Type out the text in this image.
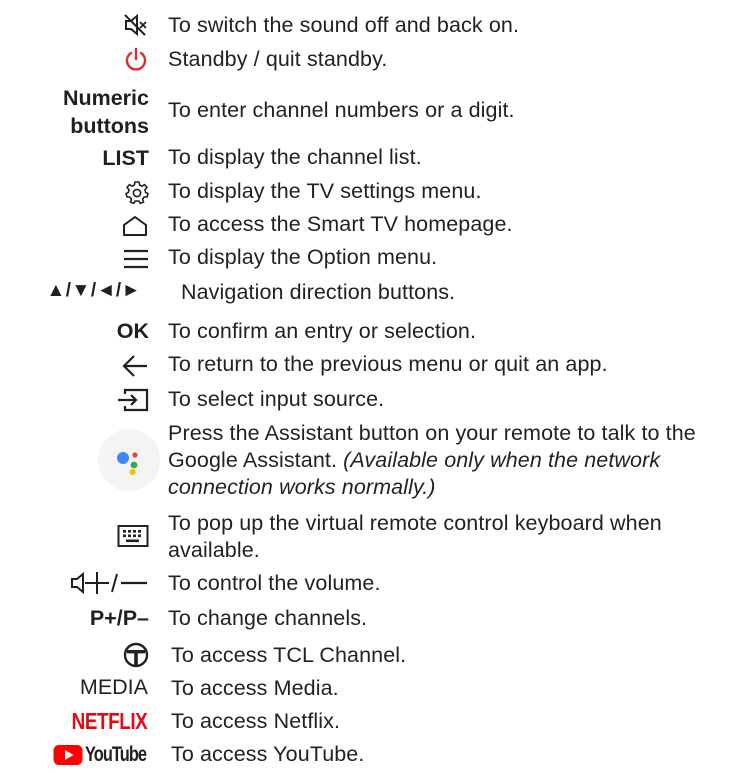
To switch the sound off and back on.
Standby / quit standby.
Numeric
buttons
To enter channel numbers or a digit.
LIST To display the channel list.
To display the TV settings menu.
To access the Smart TV homepage.
To display the Option menu.
▲/▼/◄/► Navigation direction buttons.
OK To confirm an entry or selection.
To return to the previous menu or quit an app.
To select input source.
Press the Assistant button on your remote to talk to the
Google Assistant. (Available only when the network connection works normally.)
To pop up the virtual remote control keyboard when available.
To control the volume.
P+/P– To change channels.
To access TCL Channel.
MEDIA To access Media.
NETFLIX To access Netflix.
YouTube To access YouTube.
